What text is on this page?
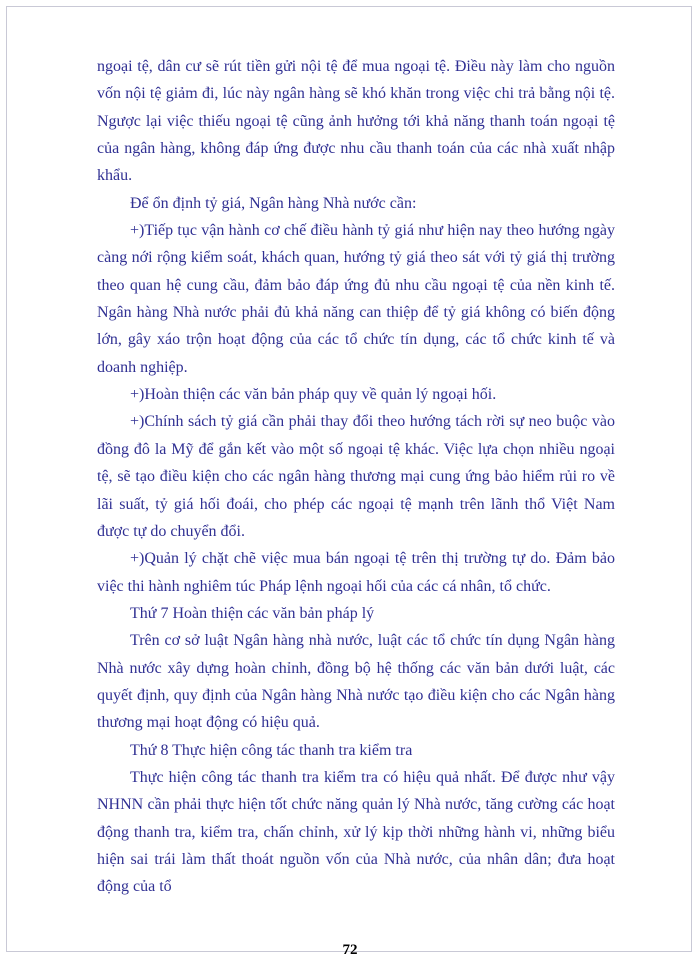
ngoại tệ, dân cư sẽ rút tiền gửi nội tệ để mua ngoại tệ. Điều này làm cho nguồn vốn nội tệ giảm đi, lúc này ngân hàng sẽ khó khăn trong việc chi trả bằng nội tệ. Ngược lại việc thiếu ngoại tệ cũng ảnh hưởng tới khả năng thanh toán ngoại tệ của ngân hàng, không đáp ứng được nhu cầu thanh toán của các nhà xuất nhập khẩu.

Để ổn định tỷ giá, Ngân hàng Nhà nước cần:

+)Tiếp tục vận hành cơ chế điều hành tỷ giá như hiện nay theo hướng ngày càng nới rộng kiểm soát, khách quan, hướng tỷ giá theo sát với tỷ giá thị trường theo quan hệ cung cầu, đảm bảo đáp ứng đủ nhu cầu ngoại tệ của nền kinh tế. Ngân hàng Nhà nước phải đủ khả năng can thiệp để tỷ giá không có biến động lớn, gây xáo trộn hoạt động của các tổ chức tín dụng, các tổ chức kinh tế và doanh nghiệp.

+)Hoàn thiện các văn bản pháp quy về quản lý ngoại hối.

+)Chính sách tỷ giá cần phải thay đổi theo hướng tách rời sự neo buộc vào đồng đô la Mỹ để gắn kết vào một số ngoại tệ khác. Việc lựa chọn nhiều ngoại tệ, sẽ tạo điều kiện cho các ngân hàng thương mại cung ứng bảo hiểm rủi ro về lãi suất, tỷ giá hối đoái, cho phép các ngoại tệ mạnh trên lãnh thổ Việt Nam được tự do chuyển đổi.

+)Quản lý chặt chẽ việc mua bán ngoại tệ trên thị trường tự do. Đảm bảo việc thi hành nghiêm túc Pháp lệnh ngoại hối của các cá nhân, tổ chức.

Thứ 7 Hoàn thiện các văn bản pháp lý

Trên cơ sở luật Ngân hàng nhà nước, luật các tổ chức tín dụng Ngân hàng Nhà nước xây dựng hoàn chỉnh, đồng bộ hệ thống các văn bản dưới luật, các quyết định, quy định của Ngân hàng Nhà nước tạo điều kiện cho các Ngân hàng thương mại hoạt động có hiệu quả.

Thứ 8 Thực hiện công tác thanh tra kiểm tra

Thực hiện công tác thanh tra kiểm tra có hiệu quả nhất. Để được như vậy NHNN cần phải thực hiện tốt chức năng quản lý Nhà nước, tăng cường các hoạt động thanh tra, kiểm tra, chấn chỉnh, xử lý kịp thời những hành vi, những biểu hiện sai trái làm thất thoát nguồn vốn của Nhà nước, của nhân dân; đưa hoạt động của tổ

72
